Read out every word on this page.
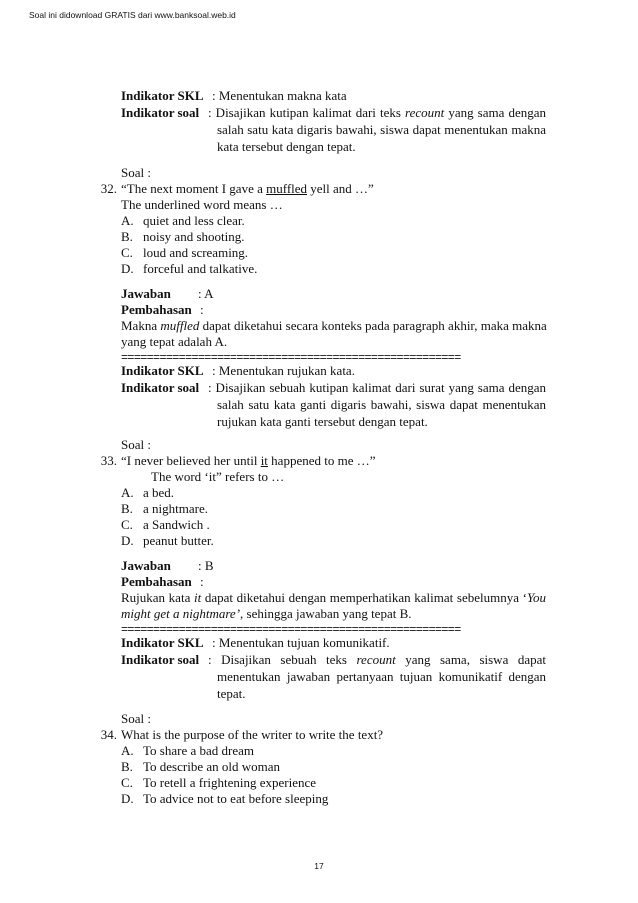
Soal ini didownload GRATIS dari www.banksoal.web.id
Indikator SKL : Menentukan makna kata
Indikator soal : Disajikan kutipan kalimat dari teks recount yang sama dengan
salah satu kata digaris bawahi, siswa dapat menentukan makna
kata tersebut dengan tepat.
Soal :
32. “The next moment I gave a muffled yell and …”
The underlined word means …
A. quiet and less clear.
B. noisy and shooting.
C. loud and screaming.
D. forceful and talkative.
Jawaban : A
Pembahasan :
Makna muffled dapat diketahui secara konteks pada paragraph akhir, maka makna
yang tepat adalah A.
=====================================================
Indikator SKL : Menentukan rujukan kata.
Indikator soal : Disajikan sebuah kutipan kalimat dari surat yang sama dengan
salah satu kata ganti digaris bawahi, siswa dapat menentukan
rujukan kata ganti tersebut dengan tepat.
Soal :
33. “I never believed her until it happened to me …”
The word ‘it” refers to …
A. a bed.
B. a nightmare.
C. a Sandwich .
D. peanut butter.
Jawaban : B
Pembahasan :
Rujukan kata it dapat diketahui dengan memperhatikan kalimat sebelumnya ‘You
might get a nightmare’, sehingga jawaban yang tepat B.
=====================================================
Indikator SKL : Menentukan tujuan komunikatif.
Indikator soal : Disajikan sebuah teks recount yang sama, siswa dapat
menentukan jawaban pertanyaan tujuan komunikatif dengan
tepat.
Soal :
34. What is the purpose of the writer to write the text?
A. To share a bad dream
B. To describe an old woman
C. To retell a frightening experience
D. To advice not to eat before sleeping
17
